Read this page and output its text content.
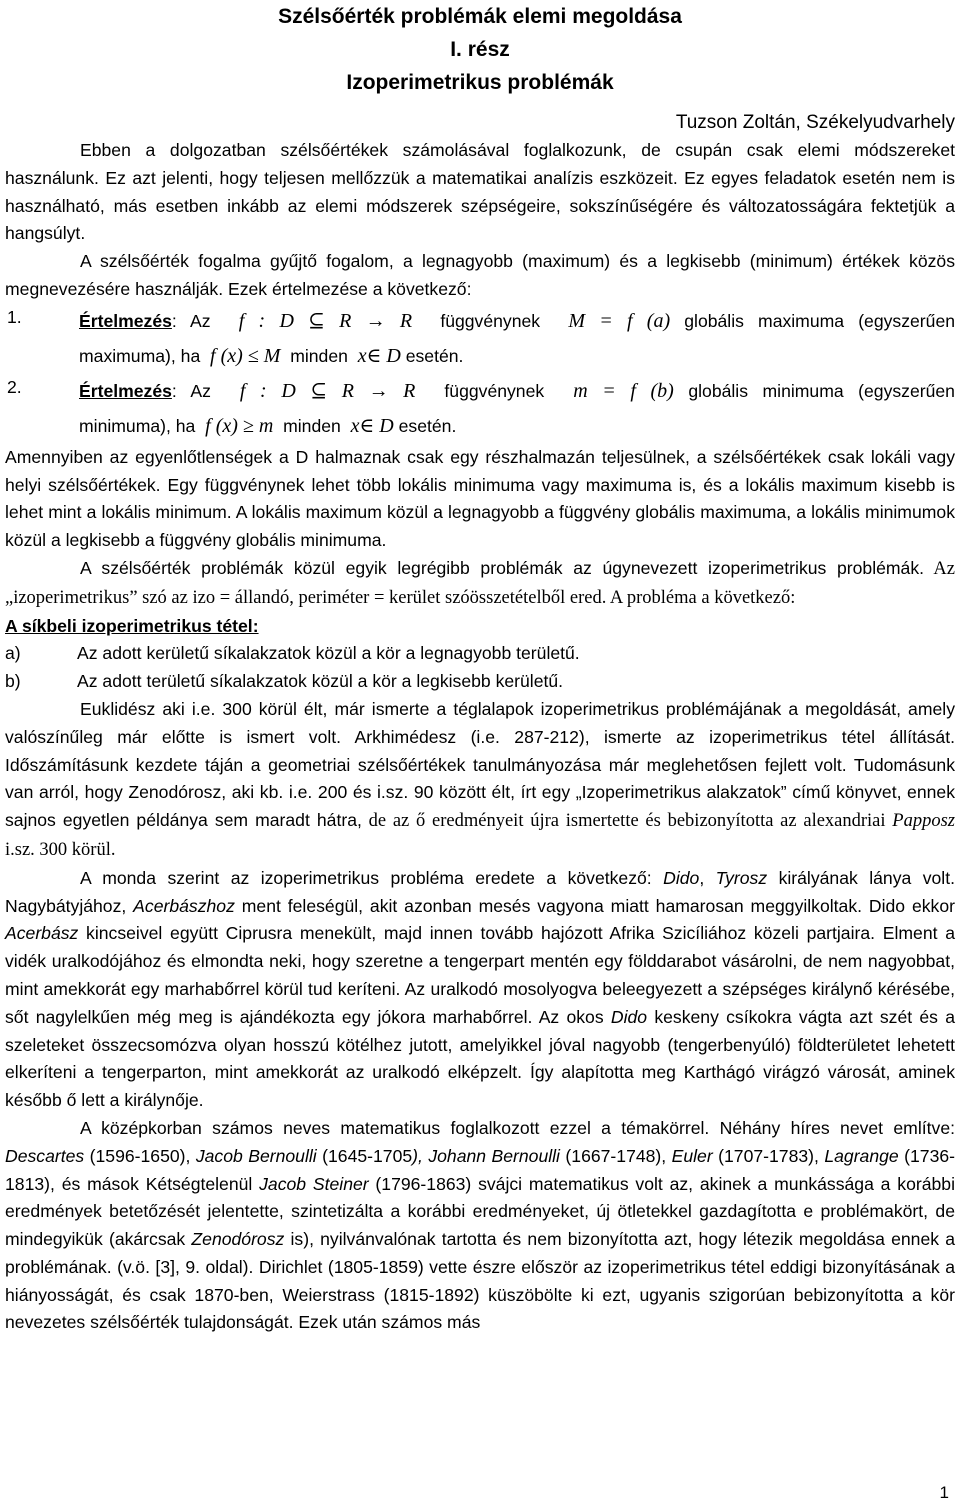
Szélsőérték problémák elemi megoldása
I. rész
Izoperimetrikus problémák
Tuzson Zoltán, Székelyudvarhely

Ebben a dolgozatban szélsőértékek számolásával foglalkozunk, de csupán csak elemi módszereket használunk. Ez azt jelenti, hogy teljesen mellőzzük a matematikai analízis eszközeit. Ez egyes feladatok esetén nem is használható, más esetben inkább az elemi módszerek szépségeire, sokszínűségére és változatosságára fektetjük a hangsúlyt.

A szélsőérték fogalma gyűjtő fogalom, a legnagyobb (maximum) és a legkisebb (minimum) értékek közös megnevezésére használják. Ezek értelmezése a következő:

1.	Értelmezés: Az f : D ⊆ R → R függvénynek M = f (a) globális maximuma (egyszerűen
maximuma), ha f (x) ≤ M minden x∈ D esetén.
2.	Értelmezés: Az f : D ⊆ R → R függvénynek m = f (b) globális minimuma (egyszerűen
minimuma), ha f (x) ≥ m minden x∈ D esetén.

Amennyiben az egyenlőtlenségek a D halmaznak csak egy részhalmazán teljesülnek, a szélsőértékek csak lokáli vagy helyi szélsőértékek. Egy függvénynek lehet több lokális minimuma vagy maximuma is, és a lokális maximum kisebb is lehet mint a lokális minimum. A lokális maximum közül a legnagyobb a függvény globális maximuma, a lokális minimumok közül a legkisebb a függvény globális minimuma.

A szélsőérték problémák közül egyik legrégibb problémák az úgynevezett izoperimetrikus problémák. Az „izoperimetrikus” szó az izo = állandó, periméter = kerület szóösszetételből ered. A probléma a következő:

A síkbeli izoperimetrikus tétel:

a)	Az adott kerületű síkalakzatok közül a kör a legnagyobb területű.
b)	Az adott területű síkalakzatok közül a kör a legkisebb kerületű.

Euklidész aki i.e. 300 körül élt, már ismerte a téglalapok izoperimetrikus problémájának a megoldását, amely valószínűleg már előtte is ismert volt. Arkhimédesz (i.e. 287-212), ismerte az izoperimetrikus tétel állítását. Időszámításunk kezdete táján a geometriai szélsőértékek tanulmányozása már meglehetősen fejlett volt. Tudomásunk van arról, hogy Zenodórosz, aki kb. i.e. 200 és i.sz. 90 között élt, írt egy „Izoperimetrikus alakzatok” című könyvet, ennek sajnos egyetlen példánya sem maradt hátra, de az ő eredményeit újra ismertette és bebizonyította az alexandriai Papposz i.sz. 300 körül.

A monda szerint az izoperimetrikus probléma eredete a következő: Dido, Tyrosz királyának lánya volt. Nagybátyjához, Acerbászhoz ment feleségül, akit azonban mesés vagyona miatt hamarosan meggyilkoltak. Dido ekkor Acerbász kincseivel együtt Ciprusra menekült, majd innen tovább hajózott Afrika Szicíliához közeli partjaira. Elment a vidék uralkodójához és elmondta neki, hogy szeretne a tengerpart mentén egy földdarabot vásárolni, de nem nagyobbat, mint amekkorát egy marhabőrrel körül tud keríteni. Az uralkodó mosolyogva beleegyezett a szépséges királynő kérésébe, sőt nagylelkűen még meg is ajándékozta egy jókora marhabőrrel. Az okos Dido keskeny csíkokra vágta azt szét és a szeleteket összecsomózva olyan hosszú kötélhez jutott, amelyikkel jóval nagyobb (tengerbenyúló) földterületet lehetett elkeríteni a tengerparton, mint amekkorát az uralkodó elképzelt. Így alapította meg Karthágó virágzó városát, aminek később ő lett a királynője.

A középkorban számos neves matematikus foglalkozott ezzel a témakörrel. Néhány híres nevet említve: Descartes (1596-1650), Jacob Bernoulli (1645-1705), Johann Bernoulli (1667-1748), Euler (1707-1783), Lagrange (1736-1813), és mások Kétségtelenül Jacob Steiner (1796-1863) svájci matematikus volt az, akinek a munkássága a korábbi eredmények betetőzését jelentette, szintetizálta a korábbi eredményeket, új ötletekkel gazdagította e problémakört, de mindegyikük (akárcsak Zenodórosz is), nyilvánvalónak tartotta és nem bizonyította azt, hogy létezik megoldása ennek a problémának. (v.ö. [3], 9. oldal). Dirichlet (1805-1859) vette észre először az izoperimetrikus tétel eddigi bizonyításának a hiányosságát, és csak 1870-ben, Weierstrass (1815-1892) küszöbölte ki ezt, ugyanis szigorúan bebizonyította a kör nevezetes szélsőérték tulajdonságát. Ezek után számos más

1
